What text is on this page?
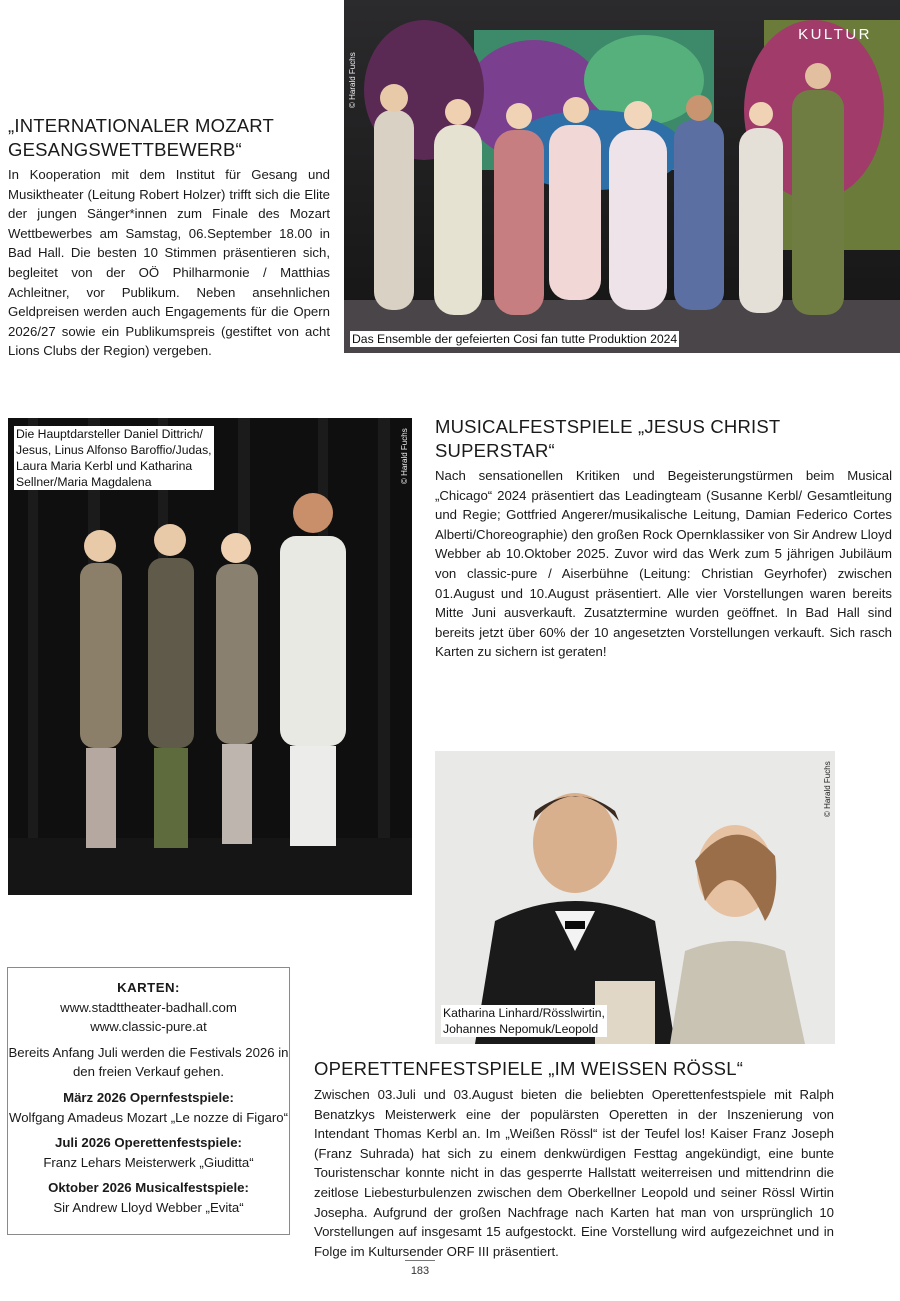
„INTERNATIONALER MOZART
GESANGSWETTBEWERB“

In Kooperation mit dem Institut für Gesang und Musiktheater (Leitung Robert Holzer) trifft sich die Elite der jungen Sänger*innen zum Finale des Mozart Wettbewerbes am Samstag, 06.September 18.00 in Bad Hall. Die besten 10 Stimmen präsentieren sich, begleitet von der OÖ Philharmonie / Matthias Achleitner, vor Publikum. Neben ansehnlichen Geldpreisen werden auch Engagements für die Opern 2026/27 sowie ein Publikumspreis (gestiftet von acht Lions Clubs der Region) vergeben.

© Harald Fuchs
KULTUR
Das Ensemble der gefeierten Cosi fan tutte Produktion 2024
© Harald Fuchs
Die Hauptdarsteller Daniel Dittrich/
Jesus, Linus Alfonso Baroffio/Judas,
Laura Maria Kerbl und Katharina
Sellner/Maria Magdalena
MUSICALFESTSPIELE „JESUS CHRIST
SUPERSTAR“

Nach sensationellen Kritiken und Begeisterungstürmen beim Musical „Chicago“ 2024 präsentiert das Leadingteam (Susanne Kerbl/ Gesamtleitung und Regie; Gottfried Angerer/musikalische Leitung, Damian Federico Cortes Alberti/Choreographie) den großen Rock Opernklassiker von Sir Andrew Lloyd Webber ab 10.Oktober 2025. Zuvor wird das Werk zum 5 jährigen Jubiläum von classic-pure / Aiserbühne (Leitung: Christian Geyrhofer) zwischen 01.August und 10.August präsentiert. Alle vier Vorstellungen waren bereits Mitte Juni ausverkauft. Zusatztermine wurden geöffnet. In Bad Hall sind bereits jetzt über 60% der 10 angesetzten Vorstellungen verkauft. Sich rasch Karten zu sichern ist geraten!

© Harald Fuchs
Katharina Linhard/Rösslwirtin,
Johannes Nepomuk/Leopold
KARTEN:
www.stadttheater-badhall.com
www.classic-pure.at
Bereits Anfang Juli werden die Festivals 2026 in den freien Verkauf gehen.
März 2026 Opernfestspiele:
Wolfgang Amadeus Mozart „Le nozze di Figaro“
Juli 2026 Operettenfestspiele:
Franz Lehars Meisterwerk „Giuditta“
Oktober 2026 Musicalfestspiele:
Sir Andrew Lloyd Webber „Evita“
OPERETTENFESTSPIELE „IM WEISSEN RÖSSL“

Zwischen 03.Juli und 03.August bieten die beliebten Operettenfestspiele mit Ralph Benatzkys Meisterwerk eine der populärsten Operetten in der Inszenierung von Intendant Thomas Kerbl an. Im „Weißen Rössl“ ist der Teufel los! Kaiser Franz Joseph (Franz Suhrada) hat sich zu einem denkwürdigen Festtag angekündigt, eine bunte Touristenschar konnte nicht in das gesperrte Hallstatt weiterreisen und mittendrinn die zeitlose Liebesturbulenzen zwischen dem Oberkellner Leopold und seiner Rössl Wirtin Josepha. Aufgrund der großen Nachfrage nach Karten hat man von ursprünglich 10 Vorstellungen auf insgesamt 15 aufgestockt. Eine Vorstellung wird aufgezeichnet und in Folge im Kultursender ORF III präsentiert.

183
